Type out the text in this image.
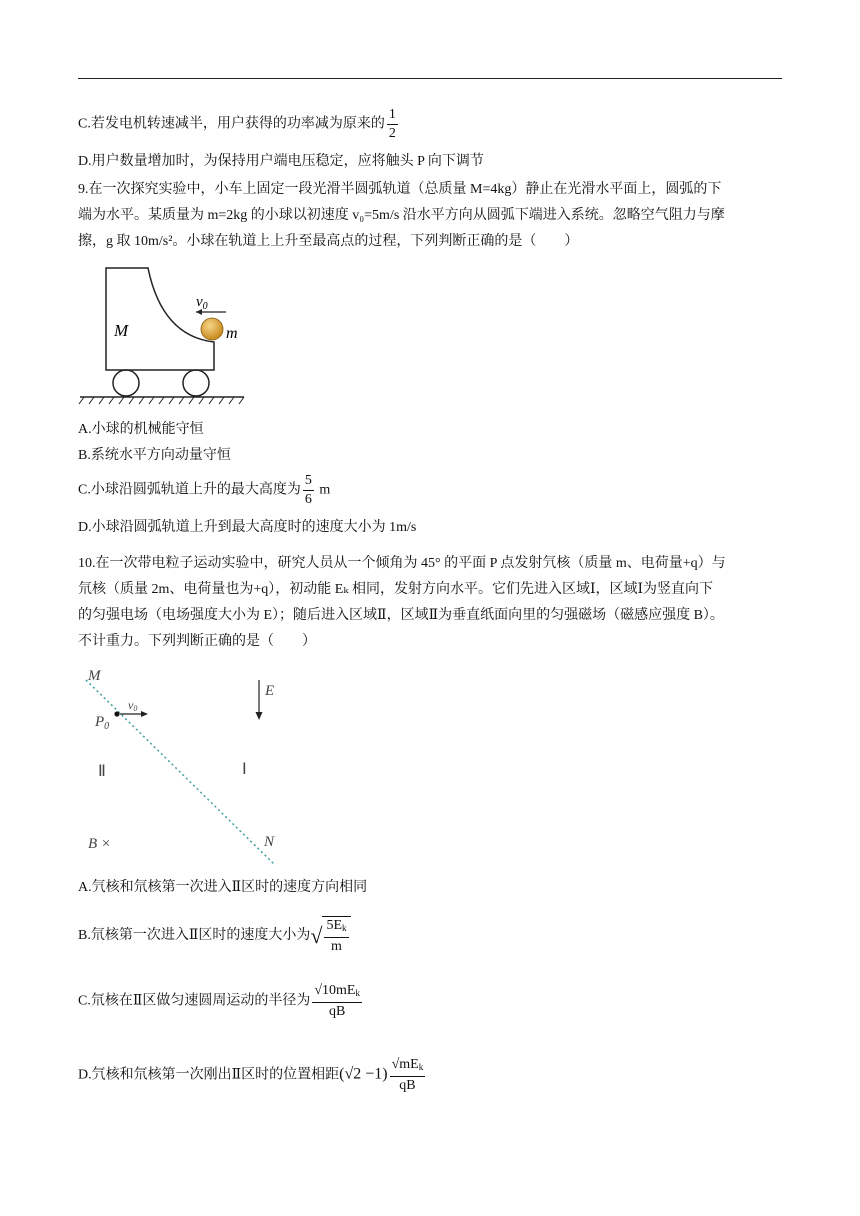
C.若发电机转速减半，用户获得的功率减为原来的 $\frac{1}{2}$
D.用户数量增加时，为保持用户端电压稳定，应将触头 P 向下调节
9.在一次探究实验中，小车上固定一段光滑半圆弧轨道（总质量 M=4kg）静止在光滑水平面上，圆弧的下
端为水平。某质量为 m=2kg 的小球以初速度 v₀=5m/s 沿水平方向从圆弧下端进入系统。忽略空气阻力与摩
擦，g 取 10m/s²。小球在轨道上上升至最高点的过程，下列判断正确的是（　　）
$v_0$
M	m
A.小球的机械能守恒
B.系统水平方向动量守恒
C.小球沿圆弧轨道上升的最大高度为 $\frac{5}{6}$ m
D.小球沿圆弧轨道上升到最大高度时的速度大小为 1m/s
10.在一次带电粒子运动实验中，研究人员从一个倾角为 45° 的平面 P 点发射氕核（质量 m、电荷量+q）与
氘核（质量 2m、电荷量也为+q），初动能 Eₖ 相同，发射方向水平。它们先进入区域Ⅰ，区域Ⅰ为竖直向下
的匀强电场（电场强度大小为 E）；随后进入区域Ⅱ，区域Ⅱ为垂直纸面向里的匀强磁场（磁感应强度 B）。
不计重力。下列判断正确的是（　　）
M
N
v0
$P_0$
E
Ⅰ
Ⅱ
B ×
A.氕核和氘核第一次进入Ⅱ区时的速度方向相同
B.氘核第一次进入Ⅱ区时的速度大小为√ $\frac{5E_k}{m}$
C.氘核在Ⅱ区做匀速圆周运动的半径为 $\frac{√10mE_k}{qB}$
D.氕核和氘核第一次刚出Ⅱ区时的位置相距$(√2 -1) \frac{√mE_k}{qB}$
